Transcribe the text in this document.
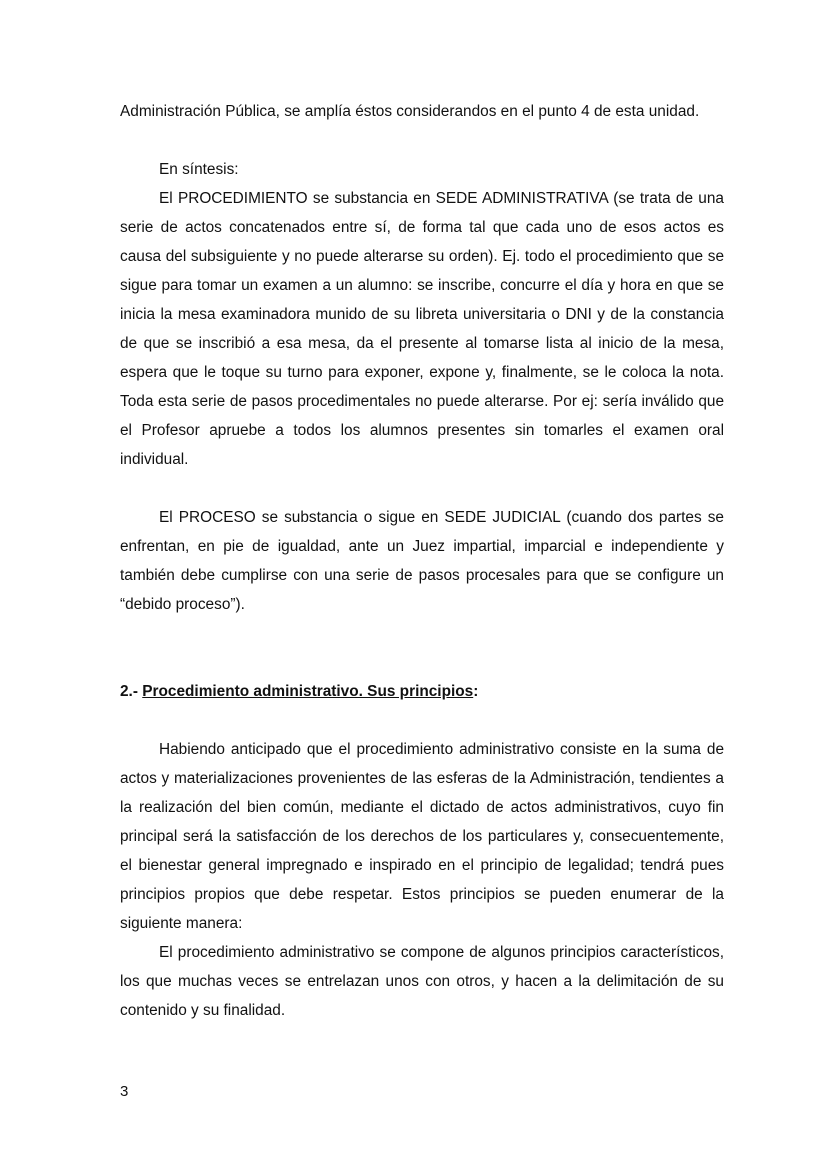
Administración Pública, se amplía éstos considerandos en el punto 4 de esta unidad.

En síntesis:

El PROCEDIMIENTO se substancia en SEDE ADMINISTRATIVA (se trata de una serie de actos concatenados entre sí, de forma tal que cada uno de esos actos es causa del subsiguiente y no puede alterarse su orden). Ej. todo el procedimiento que se sigue para tomar un examen a un alumno: se inscribe, concurre el día y hora en que se inicia la mesa examinadora munido de su libreta universitaria o DNI y de la constancia de que se inscribió a esa mesa, da el presente al tomarse lista al inicio de la mesa, espera que le toque su turno para exponer, expone y, finalmente, se le coloca la nota. Toda esta serie de pasos procedimentales no puede alterarse. Por ej: sería inválido que el Profesor apruebe a todos los alumnos presentes sin tomarles el examen oral individual.

El PROCESO se substancia o sigue en SEDE JUDICIAL (cuando dos partes se enfrentan, en pie de igualdad, ante un Juez impartial, imparcial e independiente y también debe cumplirse con una serie de pasos procesales para que se configure un “debido proceso”).

2.- Procedimiento administrativo. Sus principios:

Habiendo anticipado que el procedimiento administrativo consiste en la suma de actos y materializaciones provenientes de las esferas de la Administración, tendientes a la realización del bien común, mediante el dictado de actos administrativos, cuyo fin principal será la satisfacción de los derechos de los particulares y, consecuentemente, el bienestar general impregnado e inspirado en el principio de legalidad; tendrá pues principios propios que debe respetar. Estos principios se pueden enumerar de la siguiente manera:

El procedimiento administrativo se compone de algunos principios característicos, los que muchas veces se entrelazan unos con otros, y hacen a la delimitación de su contenido y su finalidad.

3
